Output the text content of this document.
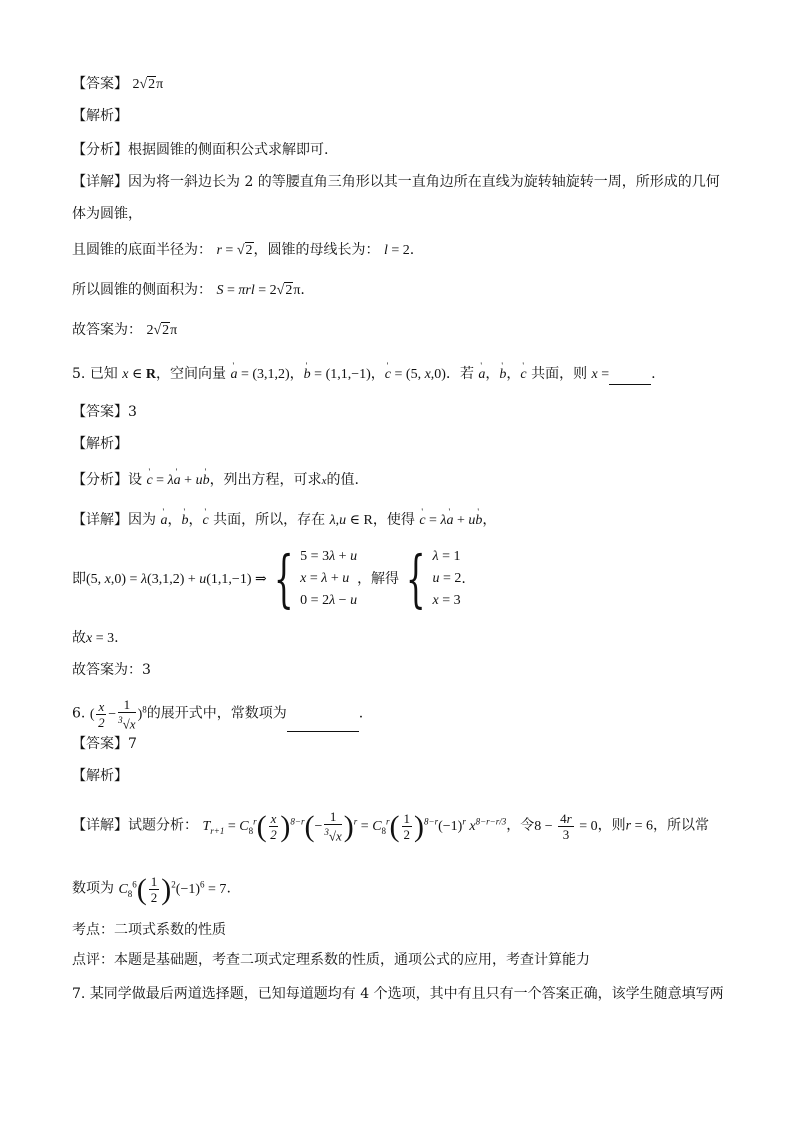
【答案】 2√2π
【解析】
【分析】根据圆锥的侧面积公式求解即可.
【详解】因为将一斜边长为 2 的等腰直角三角形以其一直角边所在直线为旋转轴旋转一周，所形成的几何
体为圆锥，
且圆锥的底面半径为： r = √2，圆锥的母线长为： l = 2.
所以圆锥的侧面积为： S = πrl = 2√2π.
故答案为： 2√2π
5. 已知 x ∈ R，空间向量 ' a = (3,1,2)，' b = (1,1,−1)，' c = (5, x,0)．若 ' a，' b，' c 共面，则 x =	.
【答案】3
【解析】
【分析】设 ' c = λ' a + u' b，列出方程，可求x的值.
【详解】因为 ' a，' b，' c 共面，所以，存在 λ,u ∈ R，使得 ' c = λ' a + u' b，
即(5, x,0) = λ(3,1,2) + u(1,1,−1) ⇒ { 5 = 3λ + u
x = λ + u
0 = 2λ − u，解得 { λ = 1
u = 2
x = 3.
故x = 3.
故答案为：3
6. ( $\frac{x}{2} - \frac{1}{^3√x} )^8$的展开式中，常数项为	.
【答案】7
【解析】
【详解】试题分析： $T_{r+1} = C_8^r( \frac{x}{2} )^{8-r}(- \frac{1}{^3√x} )^r = C_8^r( \frac{1}{2} )^{8-r}(-1)^r$ $x^{8-r-r/3}$，令$8 - \frac{4r}{3} = 0$，则r = 6，所以常
数项为 $C_8^6( \frac{1}{2} )^2(-1)^6 = 7$.
考点：二项式系数的性质
点评：本题是基础题，考查二项式定理系数的性质，通项公式的应用，考查计算能力
7. 某同学做最后两道选择题，已知每道题均有 4 个选项，其中有且只有一个答案正确，该学生随意填写两
